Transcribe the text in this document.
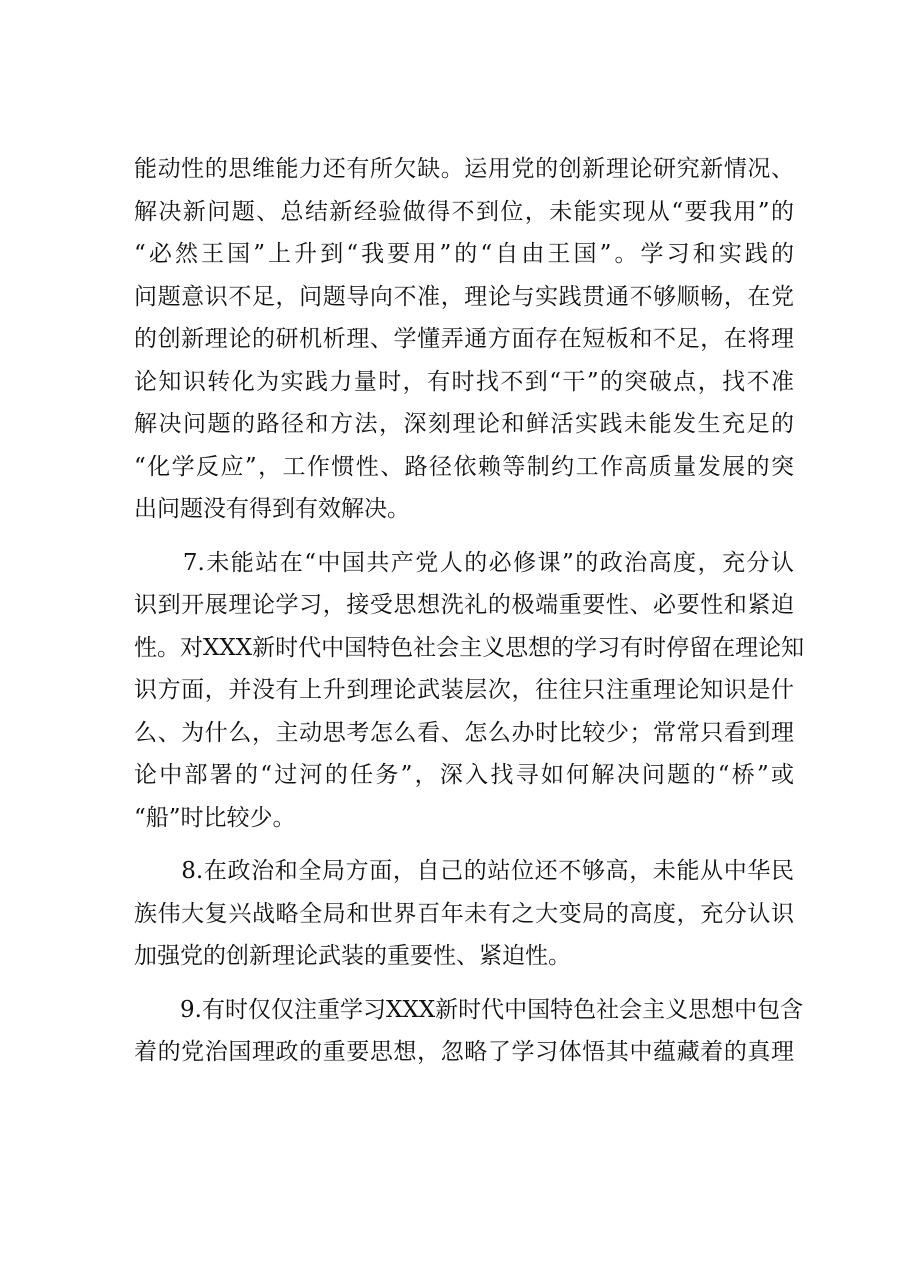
能动性的思维能力还有所欠缺。运用党的创新理论研究新情况、
解决新问题、总结新经验做得不到位，未能实现从“要我用”的
“必然王国”上升到“我要用”的“自由王国”。学习和实践的
问题意识不足，问题导向不准，理论与实践贯通不够顺畅，在党
的创新理论的研机析理、学懂弄通方面存在短板和不足，在将理
论知识转化为实践力量时，有时找不到“干”的突破点，找不准
解决问题的路径和方法，深刻理论和鲜活实践未能发生充足的
“化学反应”，工作惯性、路径依赖等制约工作高质量发展的突
出问题没有得到有效解决。
　　7.未能站在“中国共产党人的必修课”的政治高度，充分认
识到开展理论学习，接受思想洗礼的极端重要性、必要性和紧迫
性。对XXX新时代中国特色社会主义思想的学习有时停留在理论知
识方面，并没有上升到理论武装层次，往往只注重理论知识是什
么、为什么，主动思考怎么看、怎么办时比较少；常常只看到理
论中部署的“过河的任务”，深入找寻如何解决问题的“桥”或
“船”时比较少。
　　8.在政治和全局方面，自己的站位还不够高，未能从中华民
族伟大复兴战略全局和世界百年未有之大变局的高度，充分认识
加强党的创新理论武装的重要性、紧迫性。
　　9.有时仅仅注重学习XXX新时代中国特色社会主义思想中包含
着的党治国理政的重要思想，忽略了学习体悟其中蕴藏着的真理
